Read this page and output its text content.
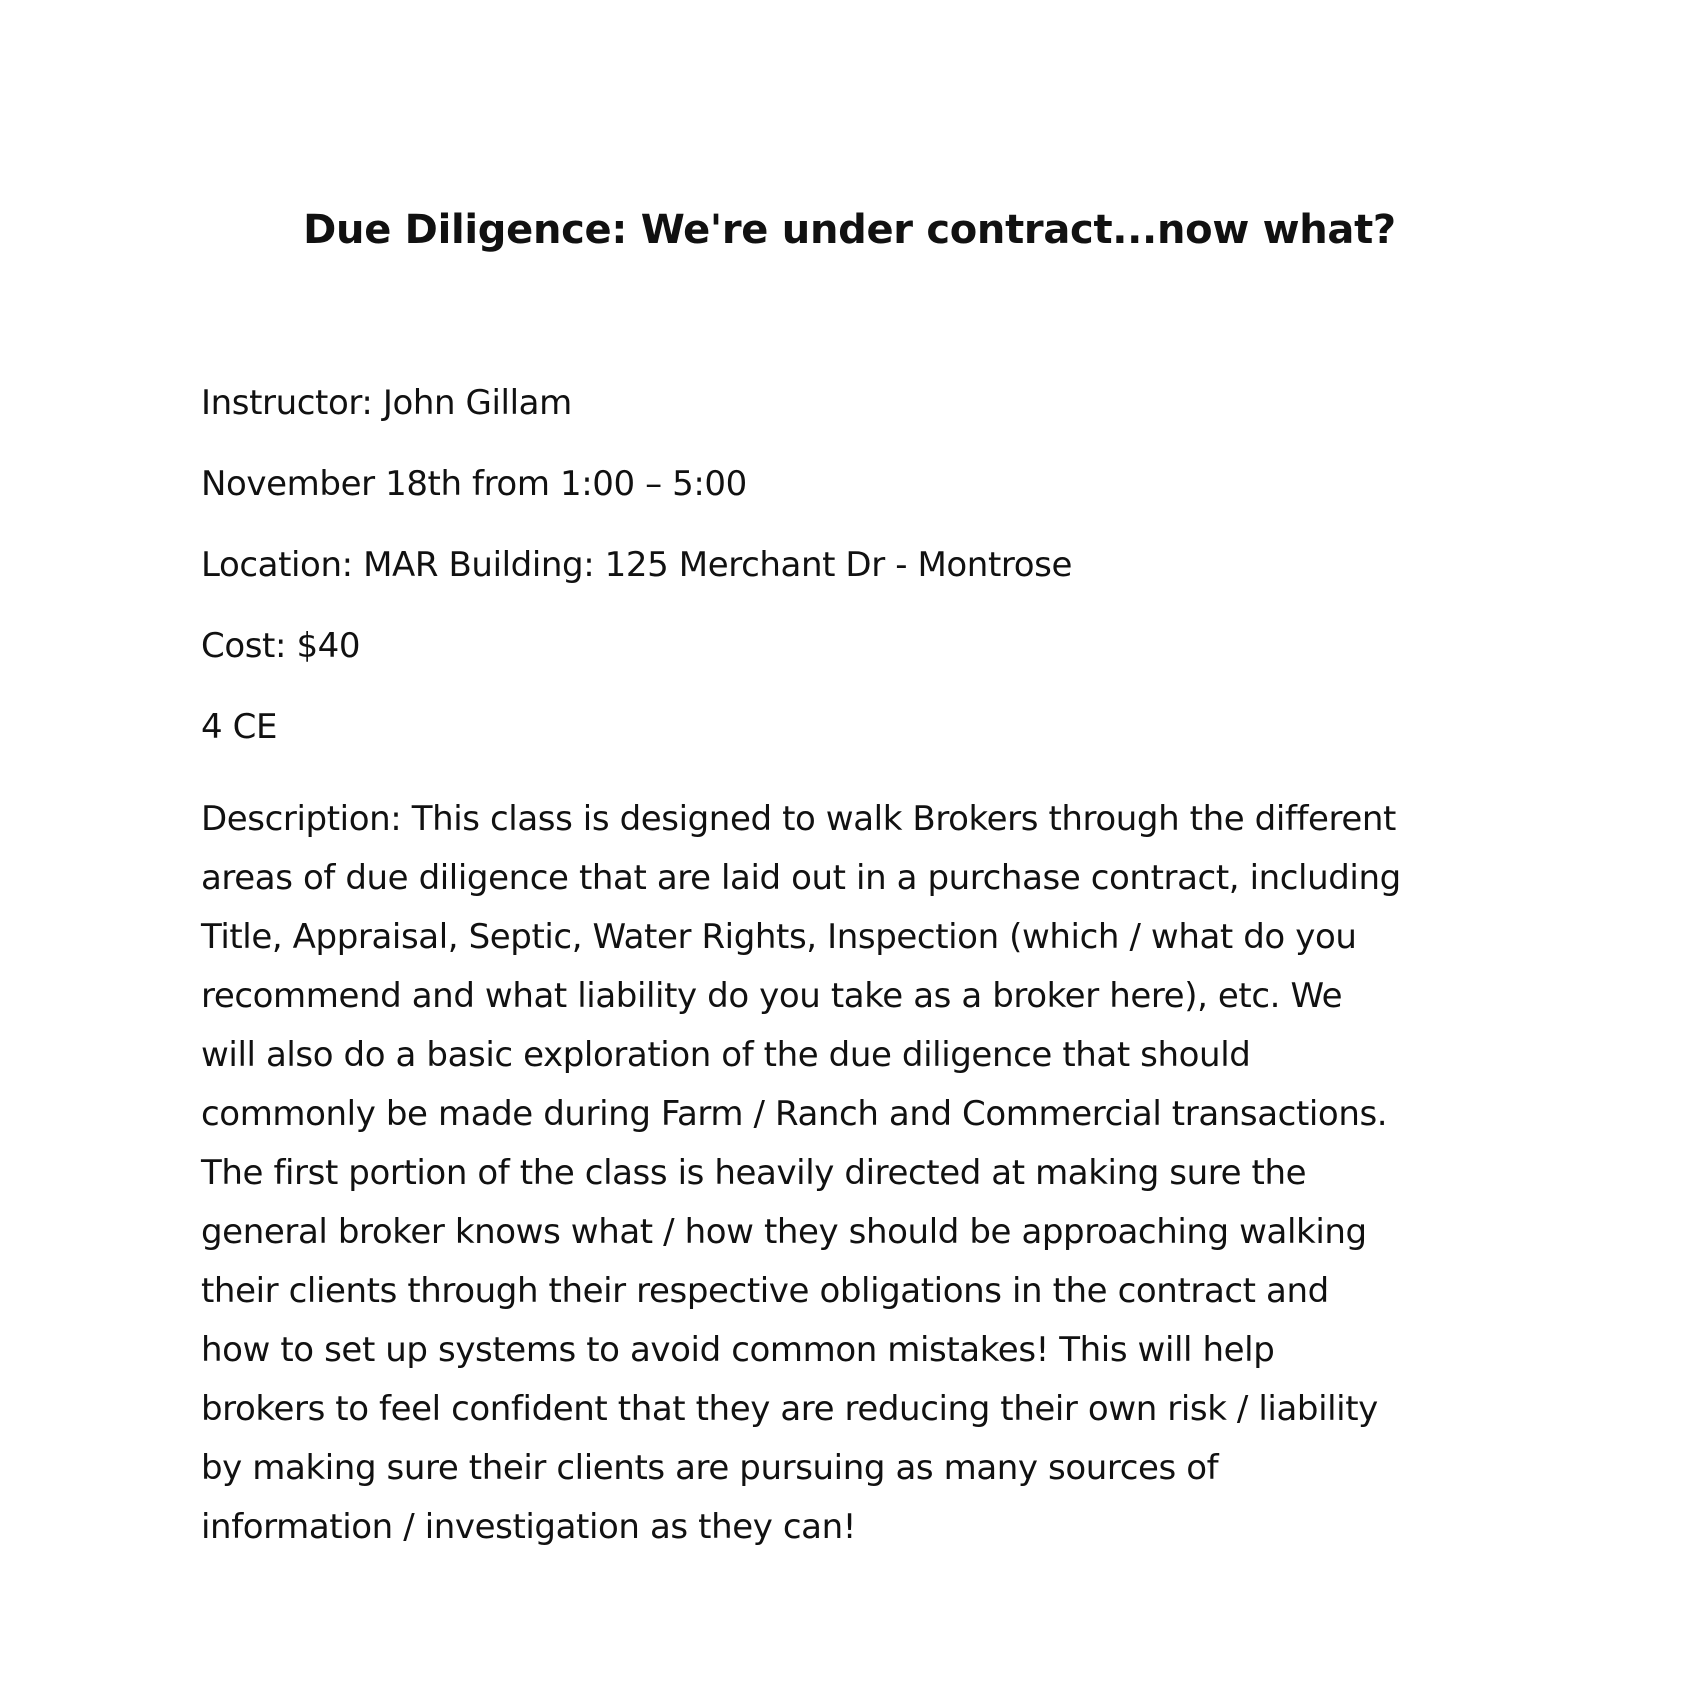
Due Diligence: We're under contract...now what?

Instructor: John Gillam

November 18th from 1:00 – 5:00

Location: MAR Building: 125 Merchant Dr - Montrose

Cost: $40

4 CE

Description: This class is designed to walk Brokers through the different
areas of due diligence that are laid out in a purchase contract, including
Title, Appraisal, Septic, Water Rights, Inspection (which / what do you
recommend and what liability do you take as a broker here), etc. We
will also do a basic exploration of the due diligence that should
commonly be made during Farm / Ranch and Commercial transactions.
The first portion of the class is heavily directed at making sure the
general broker knows what / how they should be approaching walking
their clients through their respective obligations in the contract and
how to set up systems to avoid common mistakes! This will help
brokers to feel confident that they are reducing their own risk / liability
by making sure their clients are pursuing as many sources of
information / investigation as they can!
